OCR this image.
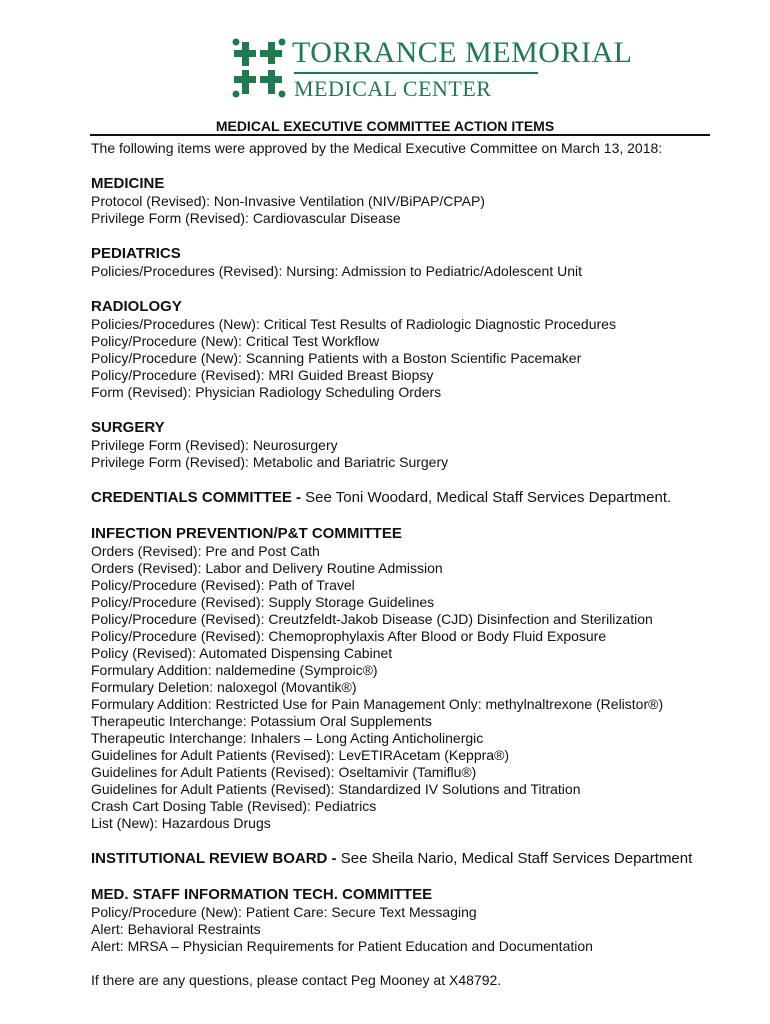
TORRANCE MEMORIAL
MEDICAL CENTER
MEDICAL EXECUTIVE COMMITTEE ACTION ITEMS
The following items were approved by the Medical Executive Committee on March 13, 2018:
MEDICINE
Protocol (Revised): Non-Invasive Ventilation (NIV/BiPAP/CPAP)
Privilege Form (Revised): Cardiovascular Disease
PEDIATRICS
Policies/Procedures (Revised): Nursing: Admission to Pediatric/Adolescent Unit
RADIOLOGY
Policies/Procedures (New): Critical Test Results of Radiologic Diagnostic Procedures
Policy/Procedure (New): Critical Test Workflow
Policy/Procedure (New): Scanning Patients with a Boston Scientific Pacemaker
Policy/Procedure (Revised): MRI Guided Breast Biopsy
Form (Revised): Physician Radiology Scheduling Orders
SURGERY
Privilege Form (Revised): Neurosurgery
Privilege Form (Revised): Metabolic and Bariatric Surgery
CREDENTIALS COMMITTEE - See Toni Woodard, Medical Staff Services Department.
INFECTION PREVENTION/P&T COMMITTEE
Orders (Revised): Pre and Post Cath
Orders (Revised): Labor and Delivery Routine Admission
Policy/Procedure (Revised): Path of Travel
Policy/Procedure (Revised): Supply Storage Guidelines
Policy/Procedure (Revised): Creutzfeldt-Jakob Disease (CJD) Disinfection and Sterilization
Policy/Procedure (Revised): Chemoprophylaxis After Blood or Body Fluid Exposure
Policy (Revised): Automated Dispensing Cabinet
Formulary Addition: naldemedine (Symproic®)
Formulary Deletion: naloxegol (Movantik®)
Formulary Addition: Restricted Use for Pain Management Only: methylnaltrexone (Relistor®)
Therapeutic Interchange: Potassium Oral Supplements
Therapeutic Interchange: Inhalers – Long Acting Anticholinergic
Guidelines for Adult Patients (Revised): LevETIRAcetam (Keppra®)
Guidelines for Adult Patients (Revised): Oseltamivir (Tamiflu®)
Guidelines for Adult Patients (Revised): Standardized IV Solutions and Titration
Crash Cart Dosing Table (Revised): Pediatrics
List (New): Hazardous Drugs
INSTITUTIONAL REVIEW BOARD - See Sheila Nario, Medical Staff Services Department
MED. STAFF INFORMATION TECH. COMMITTEE
Policy/Procedure (New): Patient Care: Secure Text Messaging
Alert: Behavioral Restraints
Alert: MRSA – Physician Requirements for Patient Education and Documentation
If there are any questions, please contact Peg Mooney at X48792.
